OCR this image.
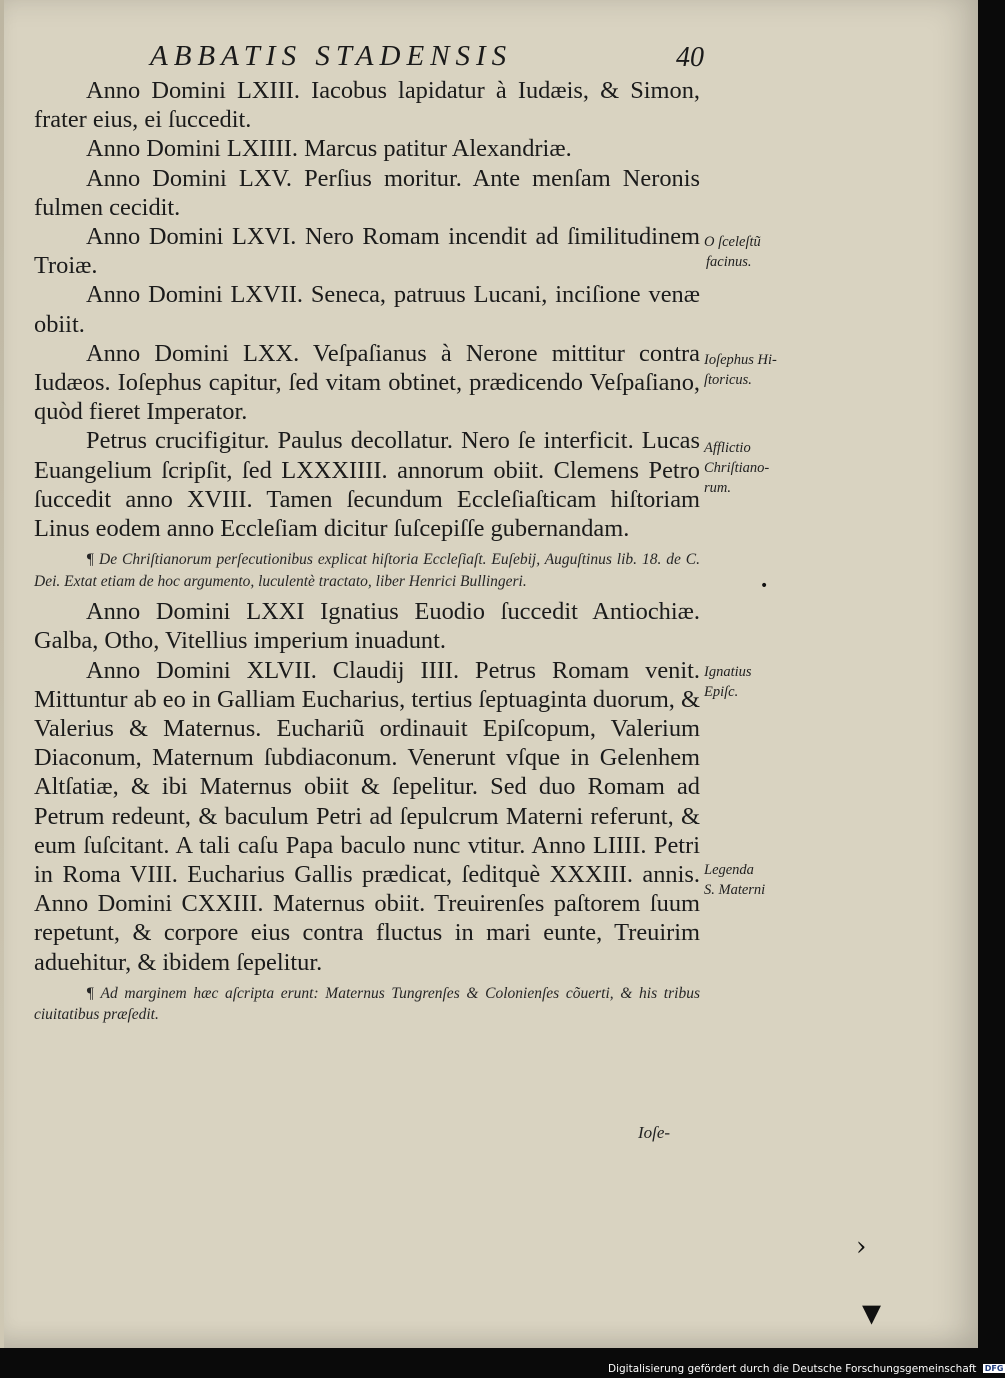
ABBATIS STADENSIS	40

Anno Domini LXIII. Iacobus lapidatur à Iudæis, & Simon, frater eius, ei ſuccedit.

Anno Domini LXIIII. Marcus patitur Alexandriæ.

Anno Domini LXV. Perſius moritur. Ante menſam Neronis fulmen cecidit.

Anno Domini LXVI. Nero Romam incendit ad ſimilitudinem Troiæ.

Anno Domini LXVII. Seneca, patruus Lucani, inciſione venæ obiit.

Anno Domini LXX. Veſpaſianus à Nerone mittitur contra Iudæos. Ioſephus capitur, ſed vitam obtinet, prædicendo Veſpaſiano, quòd fieret Imperator.

Petrus crucifigitur. Paulus decollatur. Nero ſe interficit. Lucas Euangelium ſcripſit, ſed LXXXIIII. annorum obiit. Clemens Petro ſuccedit anno XVIII. Tamen ſecundum Eccleſiaſticam hiſtoriam Linus eodem anno Eccleſiam dicitur ſuſcepiſſe gubernandam.

¶ De Chriſtianorum perſecutionibus explicat hiſtoria Eccleſiaſt. Euſebij, Auguſtinus lib. 18. de C. Dei. Extat etiam de hoc argumento, luculentè tractato, liber Henrici Bullingeri.

Anno Domini LXXI Ignatius Euodio ſuccedit Antiochiæ. Galba, Otho, Vitellius imperium inuadunt.

Anno Domini XLVII. Claudij IIII. Petrus Romam venit. Mittuntur ab eo in Galliam Eucharius, tertius ſeptuaginta duorum, & Valerius & Maternus. Euchariũ ordinauit Epiſcopum, Valerium Diaconum, Maternum ſubdiaconum. Venerunt vſque in Gelenhem Altſatiæ, & ibi Maternus obiit & ſepelitur. Sed duo Romam ad Petrum redeunt, & baculum Petri ad ſepulcrum Materni referunt, & eum ſuſcitant. A tali caſu Papa baculo nunc vtitur. Anno LIIII. Petri in Roma VIII. Eucharius Gallis prædicat, ſeditquè XXXIII. annis. Anno Domini CXXIII. Maternus obiit. Treuirenſes paſtorem ſuum repetunt, & corpore eius contra fluctus in mari eunte, Treuirim aduehitur, & ibidem ſepelitur.

¶ Ad marginem hæc aſcripta erunt: Maternus Tungrenſes & Colonienſes cõuerti, & his tribus ciuitatibus præſedit.

O ſceleſtũ
facinus.
Ioſephus Hi-
ſtoricus.
Afflictio
Chriſtiano-
rum.
Ignatius
Epiſc.
Legenda
S. Materni
Ioſe-
•
›
▾
Digitalisierung gefördert durch die Deutsche Forschungsgemeinschaft DFG
